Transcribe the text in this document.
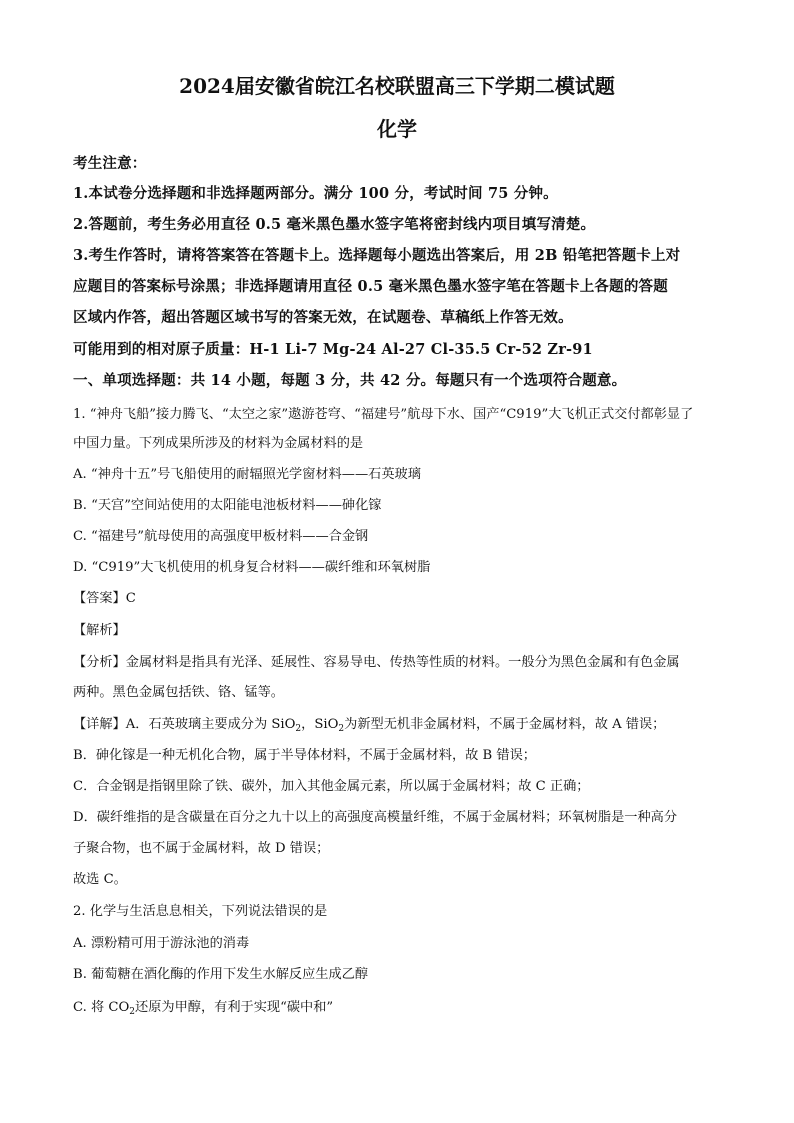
2024届安徽省皖江名校联盟高三下学期二模试题
化学
考生注意：
1.本试卷分选择题和非选择题两部分。满分 100 分，考试时间 75 分钟。
2.答题前，考生务必用直径 0.5 毫米黑色墨水签字笔将密封线内项目填写清楚。
3.考生作答时，请将答案答在答题卡上。选择题每小题选出答案后，用 2B 铅笔把答题卡上对
应题目的答案标号涂黑；非选择题请用直径 0.5 毫米黑色墨水签字笔在答题卡上各题的答题
区域内作答，超出答题区域书写的答案无效，在试题卷、草稿纸上作答无效。
可能用到的相对原子质量：H-1 Li-7 Mg-24 Al-27 Cl-35.5 Cr-52 Zr-91
一、单项选择题：共 14 小题，每题 3 分，共 42 分。每题只有一个选项符合题意。
1. “神舟飞船”接力腾飞、“太空之家”遨游苍穹、“福建号”航母下水、国产“C919”大飞机正式交付都彰显了
中国力量。下列成果所涉及的材料为金属材料的是
A. “神舟十五”号飞船使用的耐辐照光学窗材料——石英玻璃
B. “天宫”空间站使用的太阳能电池板材料——砷化镓
C. “福建号”航母使用的高强度甲板材料——合金钢
D. “C919”大飞机使用的机身复合材料——碳纤维和环氧树脂
【答案】C
【解析】
【分析】金属材料是指具有光泽、延展性、容易导电、传热等性质的材料。一般分为黑色金属和有色金属
两种。黑色金属包括铁、铬、锰等。
【详解】A．石英玻璃主要成分为 SiO$_2$，SiO$_2$为新型无机非金属材料，不属于金属材料，故 A 错误；
B．砷化镓是一种无机化合物，属于半导体材料，不属于金属材料，故 B 错误；
C．合金钢是指钢里除了铁、碳外，加入其他金属元素，所以属于金属材料；故 C 正确；
D．碳纤维指的是含碳量在百分之九十以上的高强度高模量纤维，不属于金属材料；环氧树脂是一种高分
子聚合物，也不属于金属材料，故 D 错误；
故选 C。
2. 化学与生活息息相关，下列说法错误的是
A. 漂粉精可用于游泳池的消毒
B. 葡萄糖在酒化酶的作用下发生水解反应生成乙醇
C. 将 $CO_2$还原为甲醇，有利于实现“碳中和”
